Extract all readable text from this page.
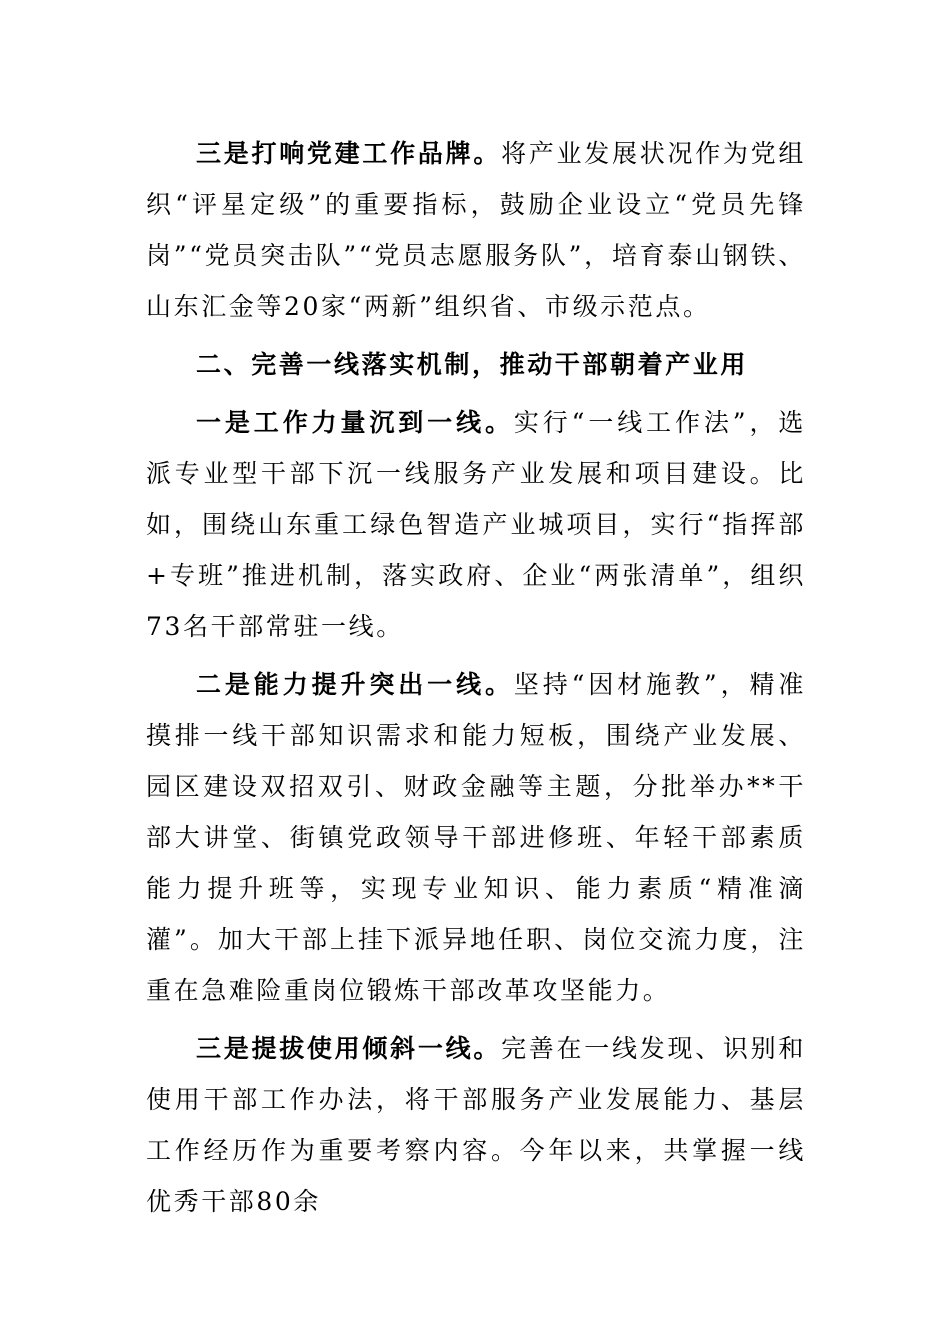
三是打响党建工作品牌。将产业发展状况作为党组织“评星定级”的重要指标，鼓励企业设立“党员先锋岗”“党员突击队”“党员志愿服务队”，培育泰山钢铁、山东汇金等20家“两新”组织省、市级示范点。

二、完善一线落实机制，推动干部朝着产业用

一是工作力量沉到一线。实行“一线工作法”，选派专业型干部下沉一线服务产业发展和项目建设。比如，围绕山东重工绿色智造产业城项目，实行“指挥部+专班”推进机制，落实政府、企业“两张清单”，组织73名干部常驻一线。

二是能力提升突出一线。坚持“因材施教”，精准摸排一线干部知识需求和能力短板，围绕产业发展、园区建设双招双引、财政金融等主题，分批举办**干部大讲堂、街镇党政领导干部进修班、年轻干部素质能力提升班等，实现专业知识、能力素质“精准滴灌”。加大干部上挂下派异地任职、岗位交流力度，注重在急难险重岗位锻炼干部改革攻坚能力。

三是提拔使用倾斜一线。完善在一线发现、识别和使用干部工作办法，将干部服务产业发展能力、基层工作经历作为重要考察内容。今年以来，共掌握一线优秀干部80余
